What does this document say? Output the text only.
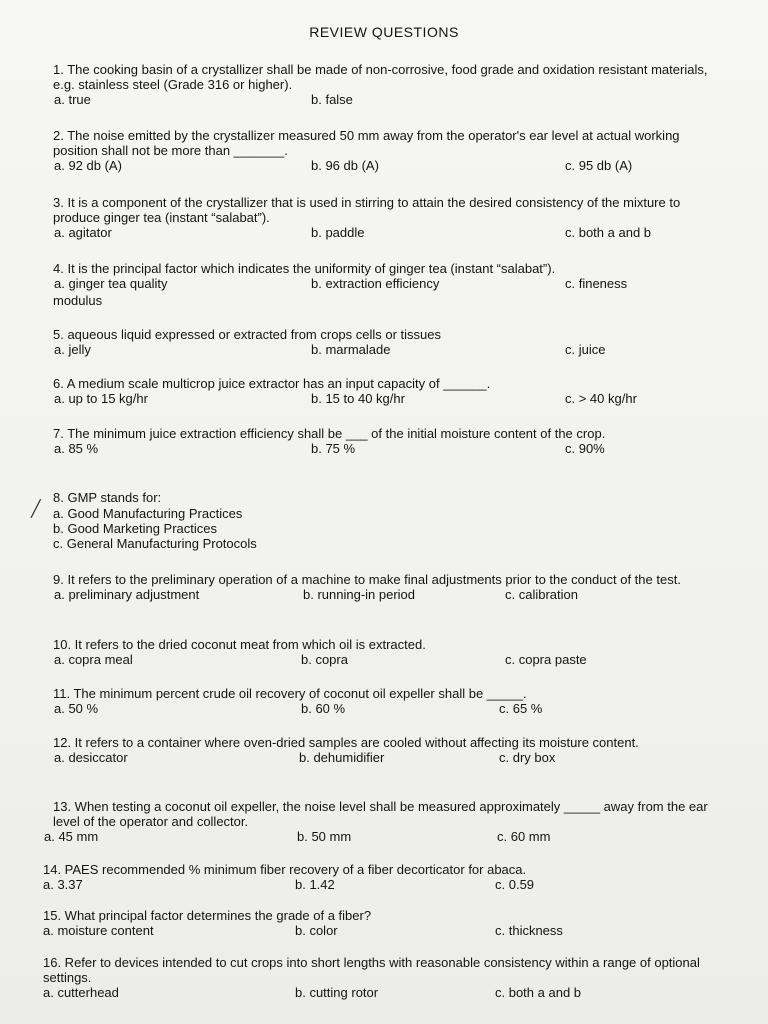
REVIEW QUESTIONS

1. The cooking basin of a crystallizer shall be made of non-corrosive, food grade and oxidation resistant materials, e.g. stainless steel (Grade 316 or higher).

a. true	b. false

2. The noise emitted by the crystallizer measured 50 mm away from the operator's ear level at actual working position shall not be more than _______.

a. 92 db (A)	b. 96 db (A)	c. 95 db (A)

3. It is a component of the crystallizer that is used in stirring to attain the desired consistency of the mixture to produce ginger tea (instant “salabat”).

a. agitator	b. paddle	c. both a and b

4. It is the principal factor which indicates the uniformity of ginger tea (instant “salabat”).

a. ginger tea quality	b. extraction efficiency	c. fineness

modulus

5. aqueous liquid expressed or extracted from crops cells or tissues

a. jelly	b. marmalade	c. juice

6. A medium scale multicrop juice extractor has an input capacity of ______.

a. up to 15 kg/hr	b. 15 to 40 kg/hr	c. > 40 kg/hr

7. The minimum juice extraction efficiency shall be ___ of the initial moisture content of the crop.

a. 85 %	b. 75 %	c. 90%
╱

8. GMP stands for:

a. Good Manufacturing Practices
b. Good Marketing Practices
c. General Manufacturing Protocols

9. It refers to the preliminary operation of a machine to make final adjustments prior to the conduct of the test.

a. preliminary adjustment	b. running-in period	c. calibration

10. It refers to the dried coconut meat from which oil is extracted.

a. copra meal	b. copra	c. copra paste

11. The minimum percent crude oil recovery of coconut oil expeller shall be _____.

a. 50 %	b. 60 %	c. 65 %

12. It refers to a container where oven-dried samples are cooled without affecting its moisture content.

a. desiccator	b. dehumidifier	c. dry box

13. When testing a coconut oil expeller, the noise level shall be measured approximately _____ away from the ear level of the operator and collector.

a. 45 mm	b. 50 mm	c. 60 mm

14. PAES recommended % minimum fiber recovery of a fiber decorticator for abaca.

a. 3.37	b. 1.42	c. 0.59

15. What principal factor determines the grade of a fiber?

a. moisture content	b. color	c. thickness

16. Refer to devices intended to cut crops into short lengths with reasonable consistency within a range of optional settings.

a. cutterhead	b. cutting rotor	c. both a and b
